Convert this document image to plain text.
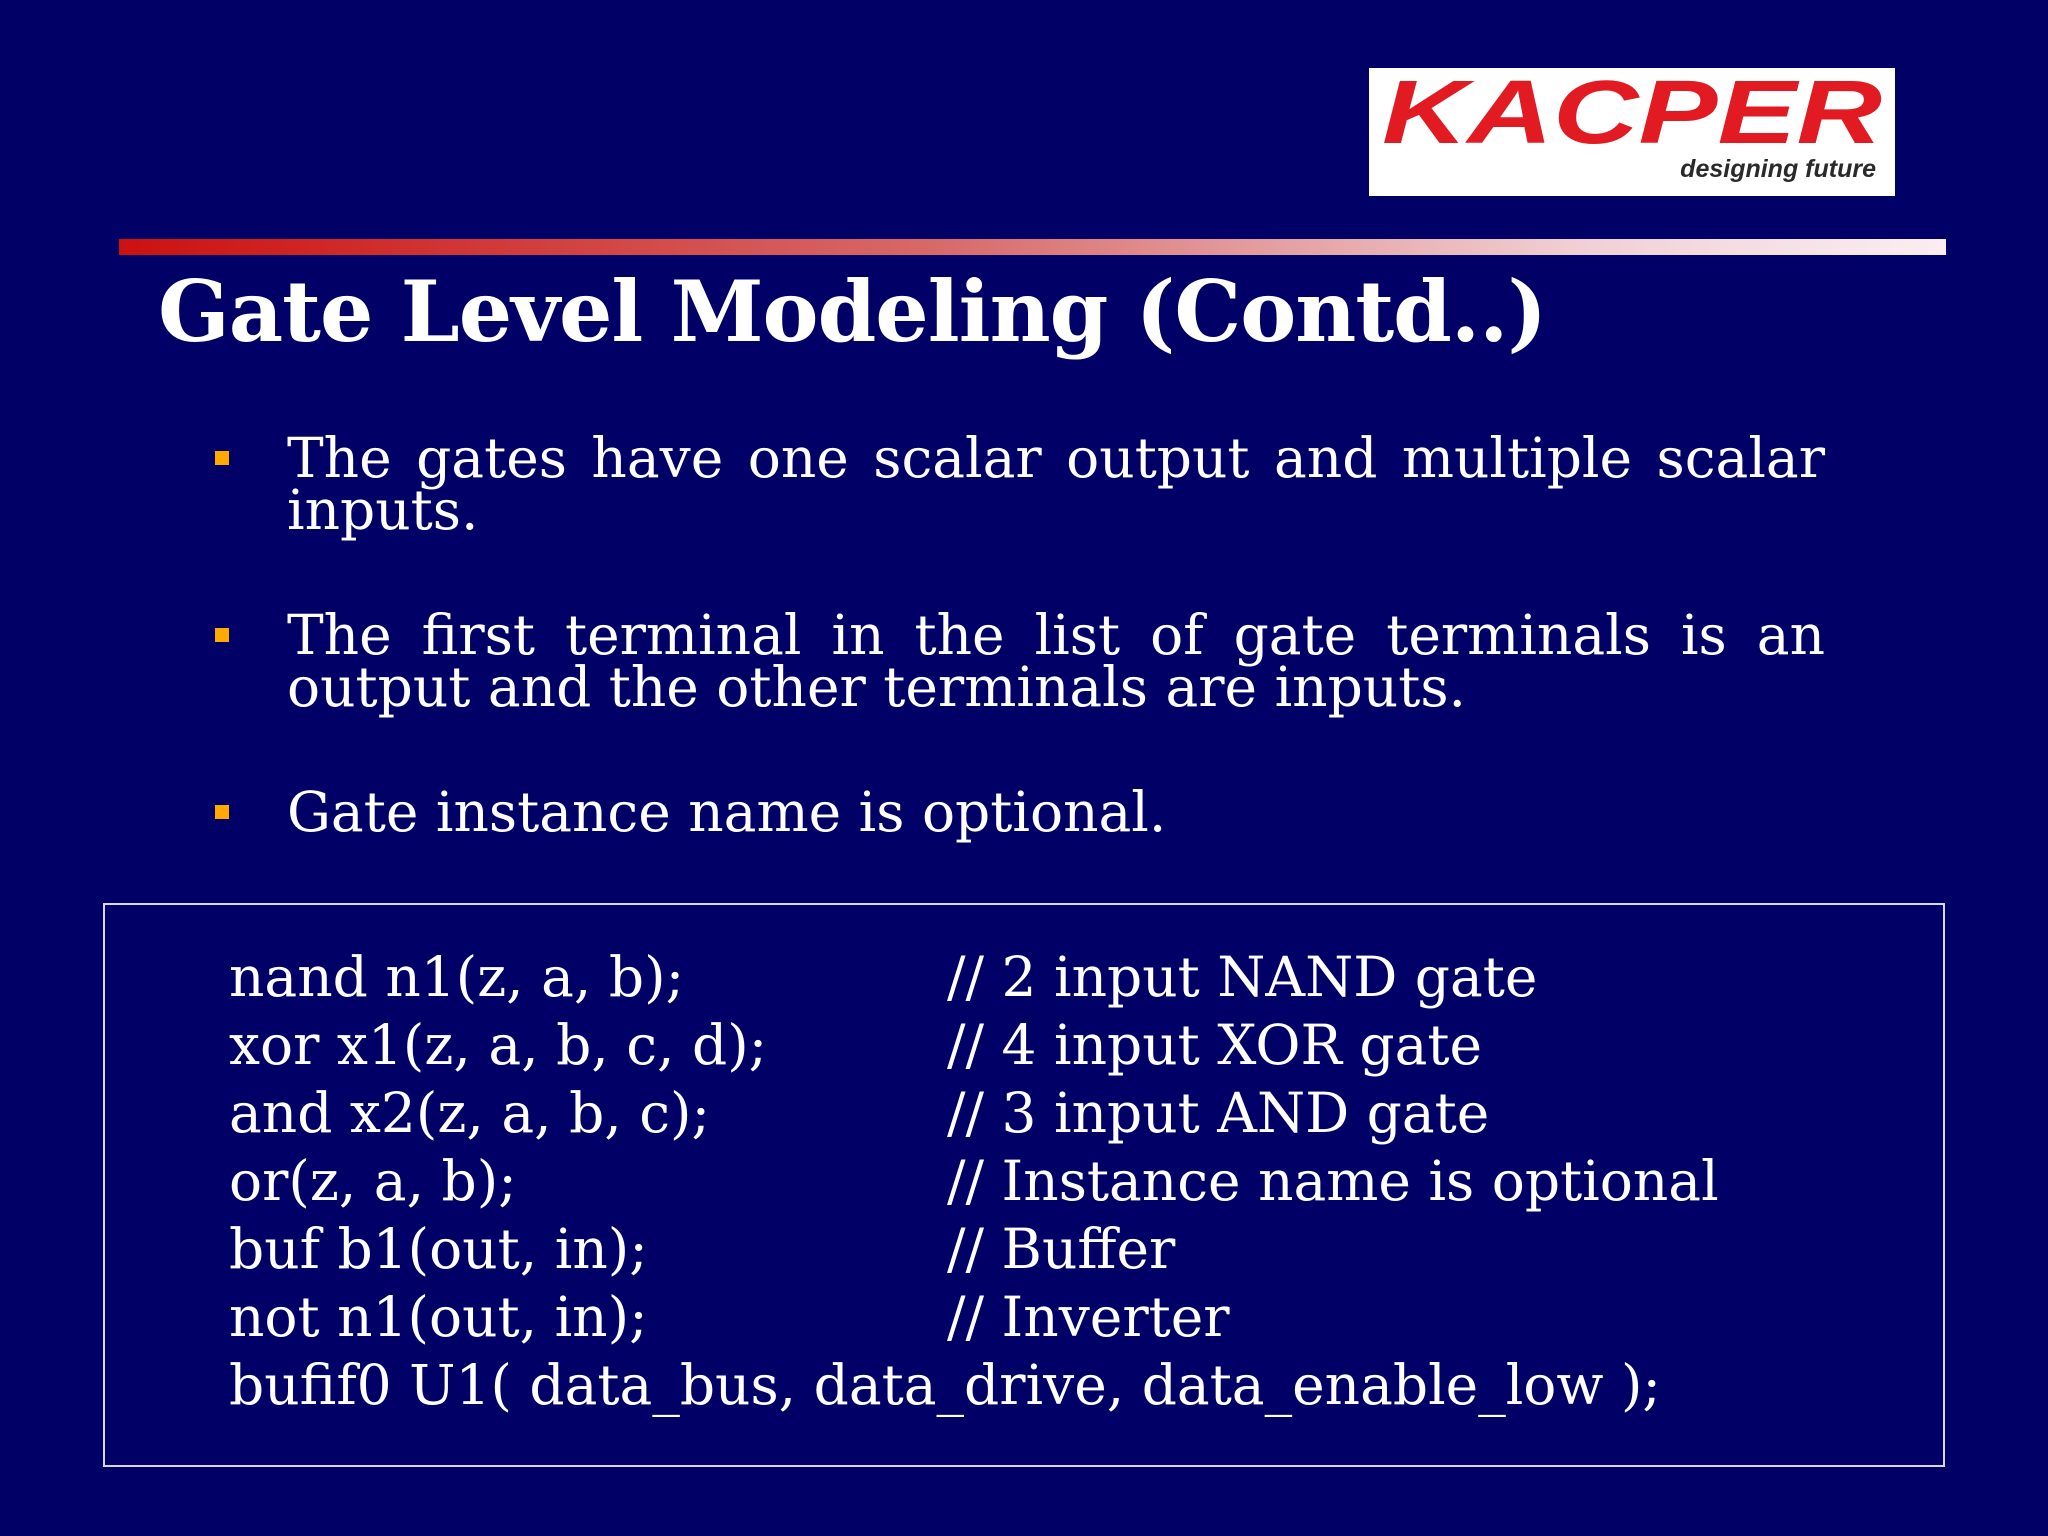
KACPER
designing future
Gate Level Modeling (Contd..)
The gates have one scalar output and multiple scalar inputs.
The first terminal in the list of gate terminals is an output and the other terminals are inputs.
Gate instance name is optional.
nand n1(z, a, b);	// 2 input NAND gate
xor x1(z, a, b, c, d);	// 4 input XOR gate
and x2(z, a, b, c);	// 3 input AND gate
or(z, a, b);	// Instance name is optional
buf b1(out, in);	// Buffer
not n1(out, in);	// Inverter
bufif0 U1( data_bus, data_drive, data_enable_low );
